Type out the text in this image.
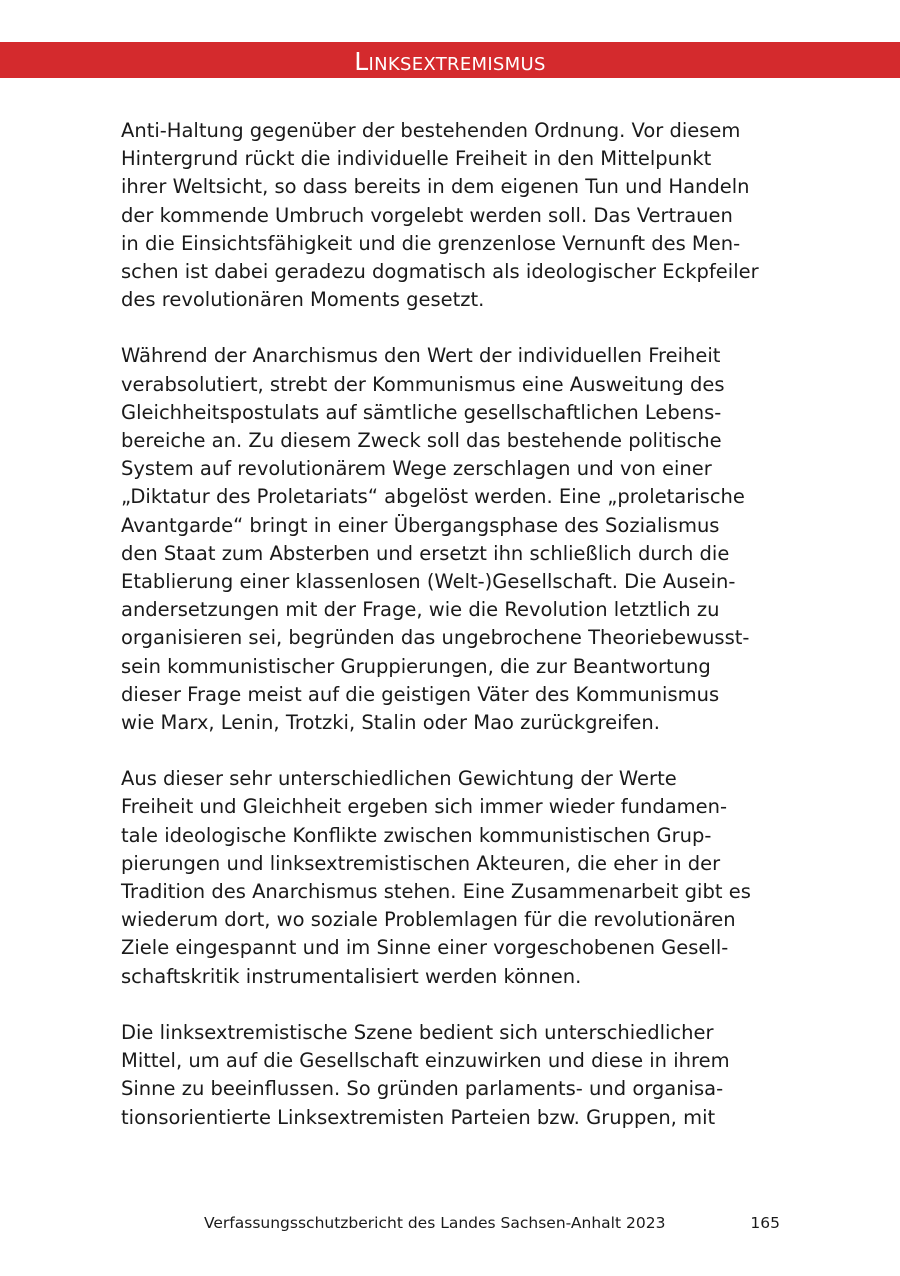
Linksextremismus

Anti-Haltung gegenüber der bestehenden Ordnung. Vor diesem
Hintergrund rückt die individuelle Freiheit in den Mittelpunkt
ihrer Weltsicht, so dass bereits in dem eigenen Tun und Handeln
der kommende Umbruch vorgelebt werden soll. Das Vertrauen
in die Einsichtsfähigkeit und die grenzenlose Vernunft des Men-
schen ist dabei geradezu dogmatisch als ideologischer Eckpfeiler
des revolutionären Moments gesetzt.

Während der Anarchismus den Wert der individuellen Freiheit
verabsolutiert, strebt der Kommunismus eine Ausweitung des
Gleichheitspostulats auf sämtliche gesellschaftlichen Lebens-
bereiche an. Zu diesem Zweck soll das bestehende politische
System auf revolutionärem Wege zerschlagen und von einer
„Diktatur des Proletariats“ abgelöst werden. Eine „proletarische
Avantgarde“ bringt in einer Übergangsphase des Sozialismus
den Staat zum Absterben und ersetzt ihn schließlich durch die
Etablierung einer klassenlosen (Welt-)Gesellschaft. Die Ausein-
andersetzungen mit der Frage, wie die Revolution letztlich zu
organisieren sei, begründen das ungebrochene Theoriebewusst-
sein kommunistischer Gruppierungen, die zur Beantwortung
dieser Frage meist auf die geistigen Väter des Kommunismus
wie Marx, Lenin, Trotzki, Stalin oder Mao zurückgreifen.

Aus dieser sehr unterschiedlichen Gewichtung der Werte
Freiheit und Gleichheit ergeben sich immer wieder fundamen-
tale ideologische Konflikte zwischen kommunistischen Grup-
pierungen und linksextremistischen Akteuren, die eher in der
Tradition des Anarchismus stehen. Eine Zusammenarbeit gibt es
wiederum dort, wo soziale Problemlagen für die revolutionären
Ziele eingespannt und im Sinne einer vorgeschobenen Gesell-
schaftskritik instrumentalisiert werden können.

Die linksextremistische Szene bedient sich unterschiedlicher
Mittel, um auf die Gesellschaft einzuwirken und diese in ihrem
Sinne zu beeinflussen. So gründen parlaments- und organisa-
tionsorientierte Linksextremisten Parteien bzw. Gruppen, mit

Verfassungsschutzbericht des Landes Sachsen-Anhalt 2023	165
